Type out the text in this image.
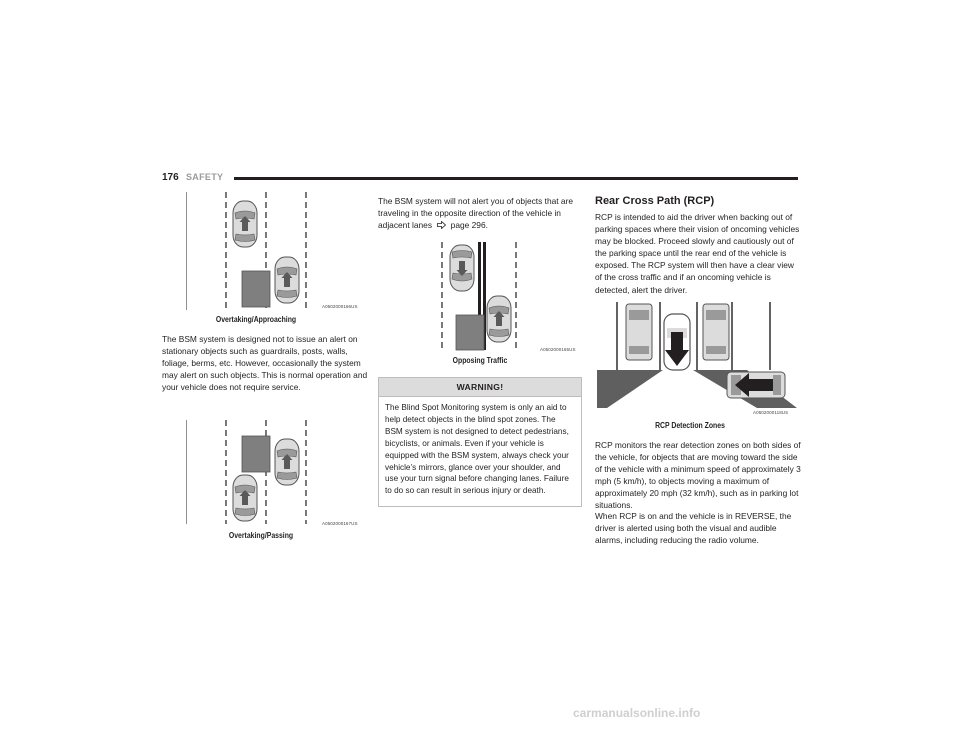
176 SAFETY
A0502000166US
Overtaking/Approaching
The BSM system is designed not to issue an alert on stationary objects such as guardrails, posts, walls, foliage, berms, etc. However, occasionally the system may alert on such objects. This is normal operation and your vehicle does not require service.
A0502000167US
Overtaking/Passing
The BSM system will not alert you of objects that are traveling in the opposite direction of the vehicle in adjacent lanes page 296.
A0502000165US
Opposing Traffic
WARNING!
The Blind Spot Monitoring system is only an aid to help detect objects in the blind spot zones. The BSM system is not designed to detect pedestrians, bicyclists, or animals. Even if your vehicle is equipped with the BSM system, always check your vehicle’s mirrors, glance over your shoulder, and use your turn signal before changing lanes. Failure to do so can result in serious injury or death.
Rear Cross Path (RCP)
RCP is intended to aid the driver when backing out of parking spaces where their vision of oncoming vehicles may be blocked. Proceed slowly and cautiously out of the parking space until the rear end of the vehicle is exposed. The RCP system will then have a clear view of the cross traffic and if an oncoming vehicle is detected, alert the driver.
A0502000118US
RCP Detection Zones
RCP monitors the rear detection zones on both sides of the vehicle, for objects that are moving toward the side of the vehicle with a minimum speed of approximately 3 mph (5 km/h), to objects moving a maximum of approximately 20 mph (32 km/h), such as in parking lot situations.
When RCP is on and the vehicle is in REVERSE, the driver is alerted using both the visual and audible alarms, including reducing the radio volume.
carmanualsonline.info
